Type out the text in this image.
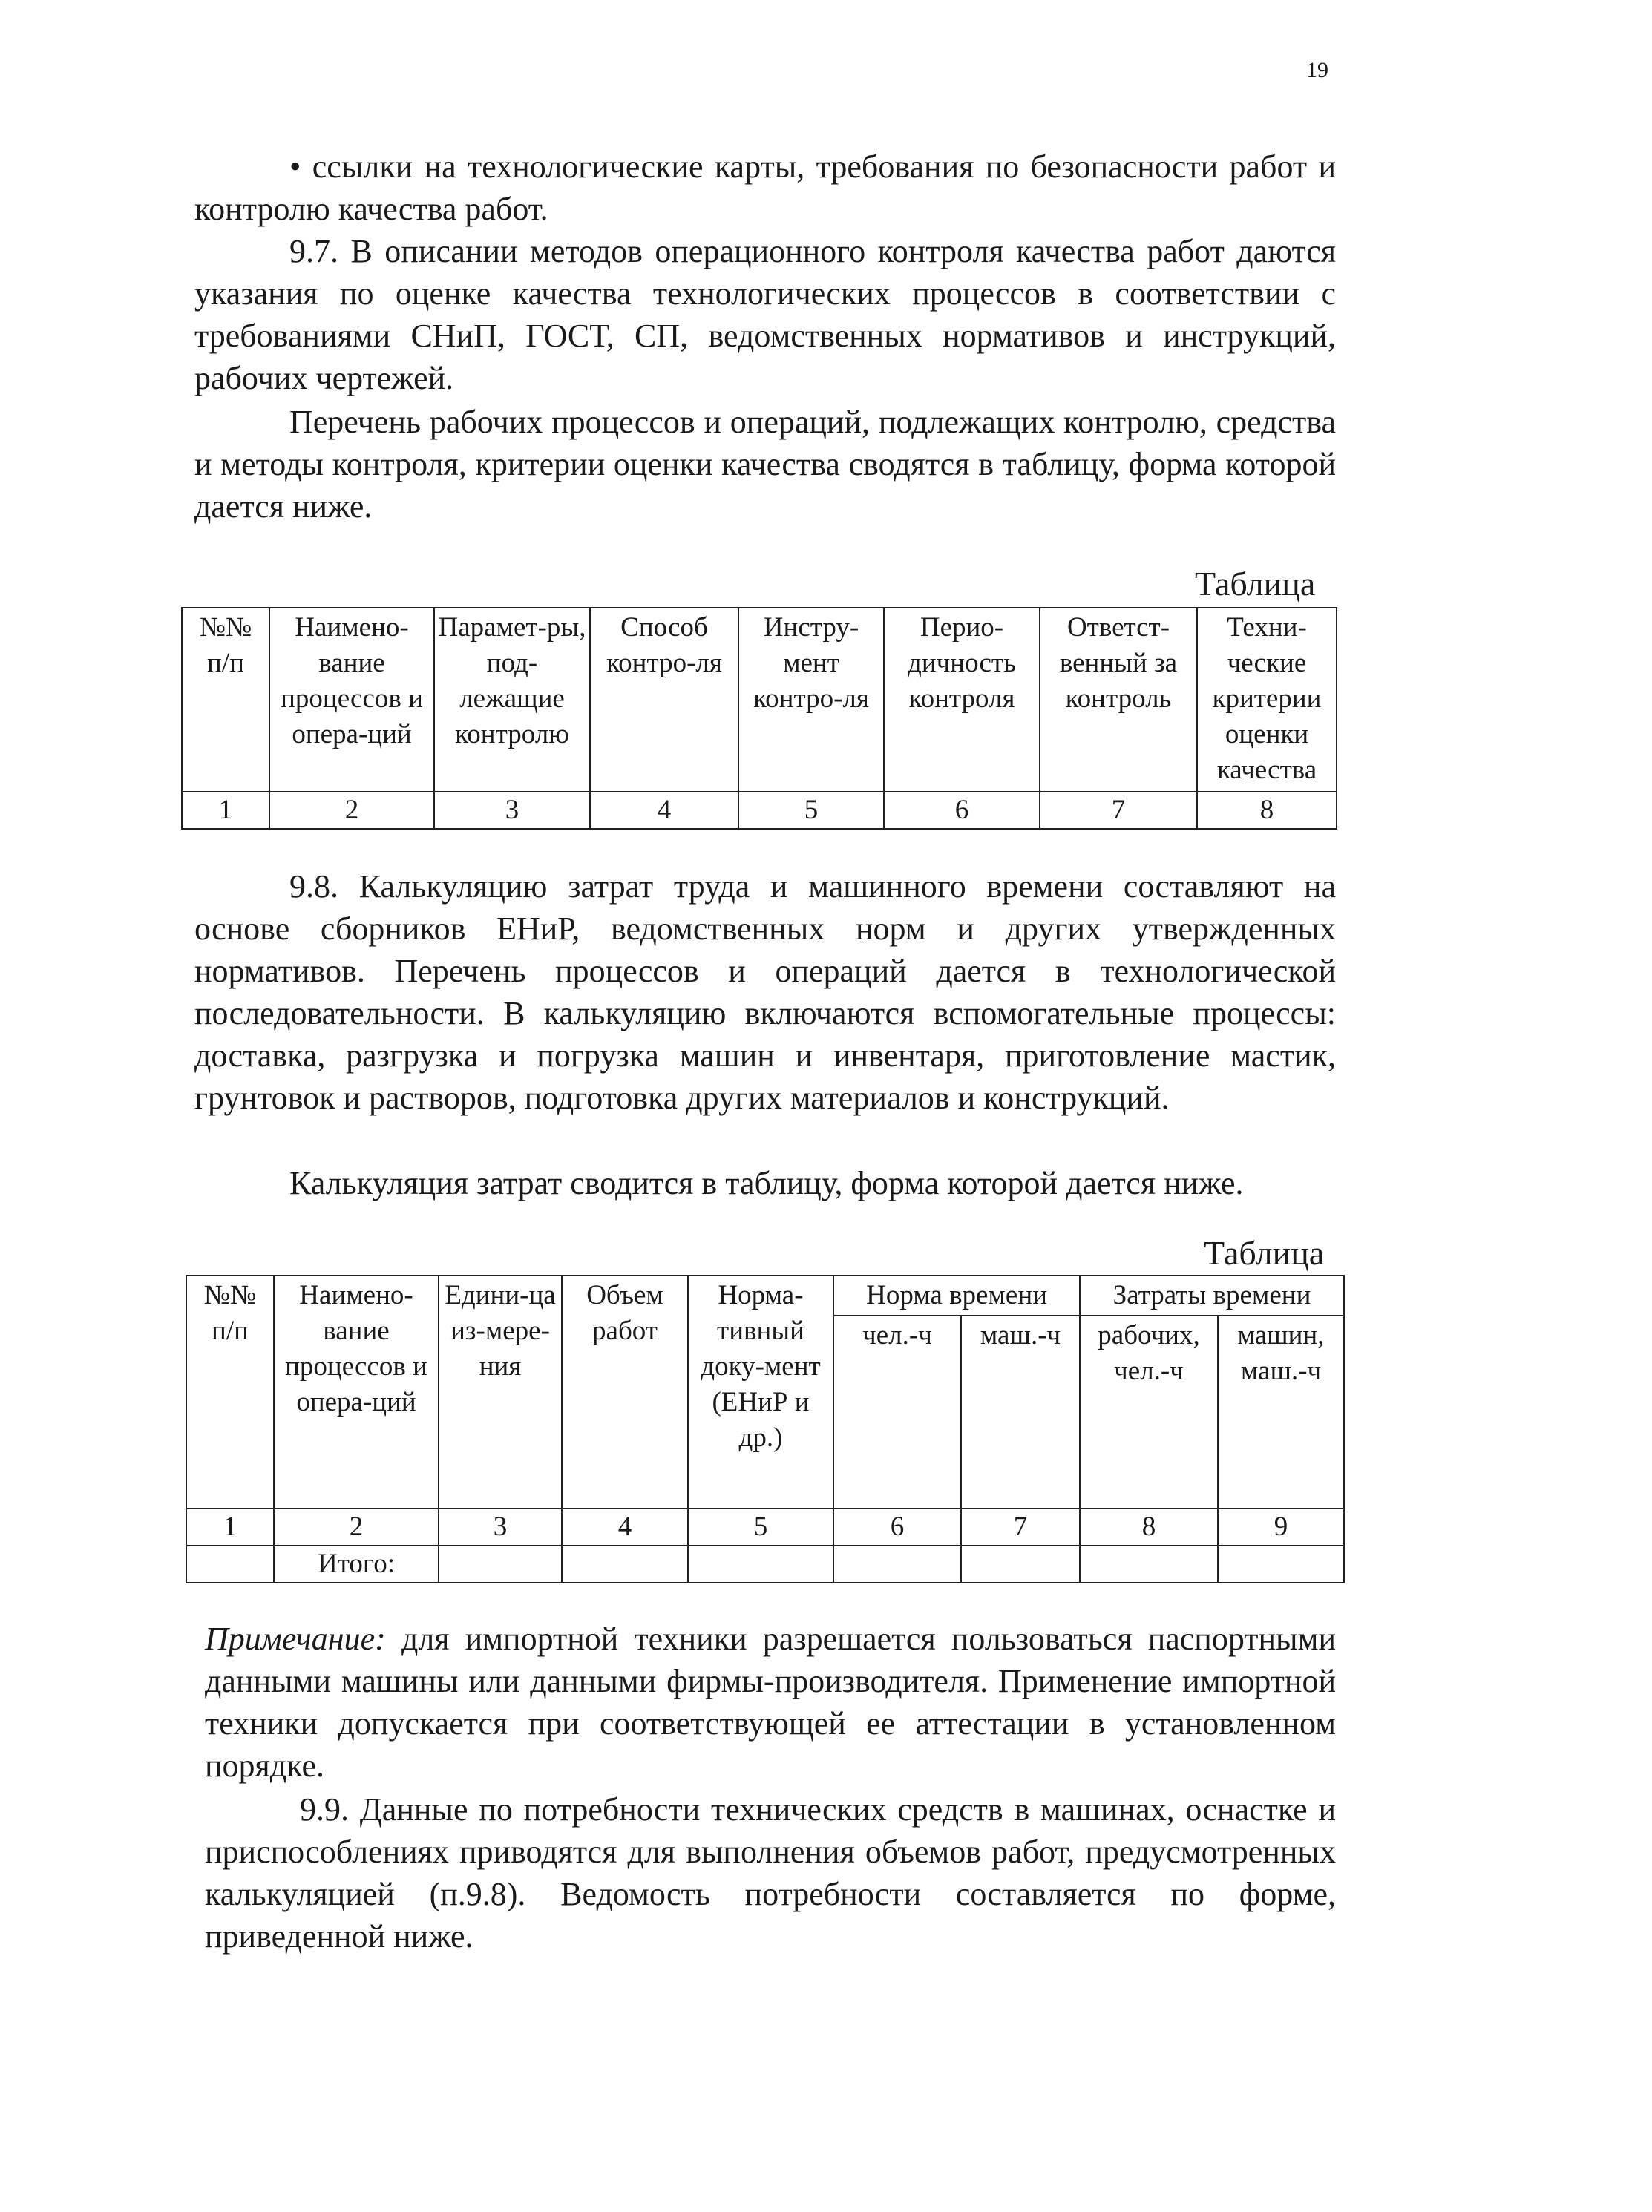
19

• ссылки на технологические карты, требования по безопасности работ и контролю качества работ.

9.7. В описании методов операционного контроля качества работ даются указания по оценке качества технологических процессов в соответствии с требованиями СНиП, ГОСТ, СП, ведомственных нормативов и инструкций, рабочих чертежей.

Перечень рабочих процессов и операций, подлежащих контролю, средства и методы контроля, критерии оценки качества сводятся в таблицу, форма которой дается ниже.

Таблица
№№ п/п	Наимено-вание процессов и опера-ций	Парамет-ры, под-лежащие контролю	Способ контро-ля	Инстру-мент контро-ля	Перио-дичность контроля	Ответст-венный за контроль	Техни-ческие критерии оценки качества
1	2	3	4	5	6	7	8

9.8. Калькуляцию затрат труда и машинного времени составляют на основе сборников ЕНиР, ведомственных норм и других утвержденных нормативов. Перечень процессов и операций дается в технологической последовательности. В калькуляцию включаются вспомогательные процессы: доставка, разгрузка и погрузка машин и инвентаря, приготовление мастик, грунтовок и растворов, подготовка других материалов и конструкций.

Калькуляция затрат сводится в таблицу, форма которой дается ниже.

Таблица
№№ п/п	Наимено-вание процессов и опера-ций	Едини-ца из-мере-ния	Объем работ	Норма-тивный доку-мент (ЕНиР и др.)	Норма времени		Затраты времени	
					чел.-ч	маш.-ч	рабочих, чел.-ч	машин, маш.-ч
1	2	3	4	5	6	7	8	9
	Итого:							

Примечание: для импортной техники разрешается пользоваться паспортными данными машины или данными фирмы-производителя. Применение импортной техники допускается при соответствующей ее аттестации в установленном порядке.

9.9. Данные по потребности технических средств в машинах, оснастке и приспособлениях приводятся для выполнения объемов работ, предусмотренных калькуляцией (п.9.8). Ведомость потребности составляется по форме, приведенной ниже.
